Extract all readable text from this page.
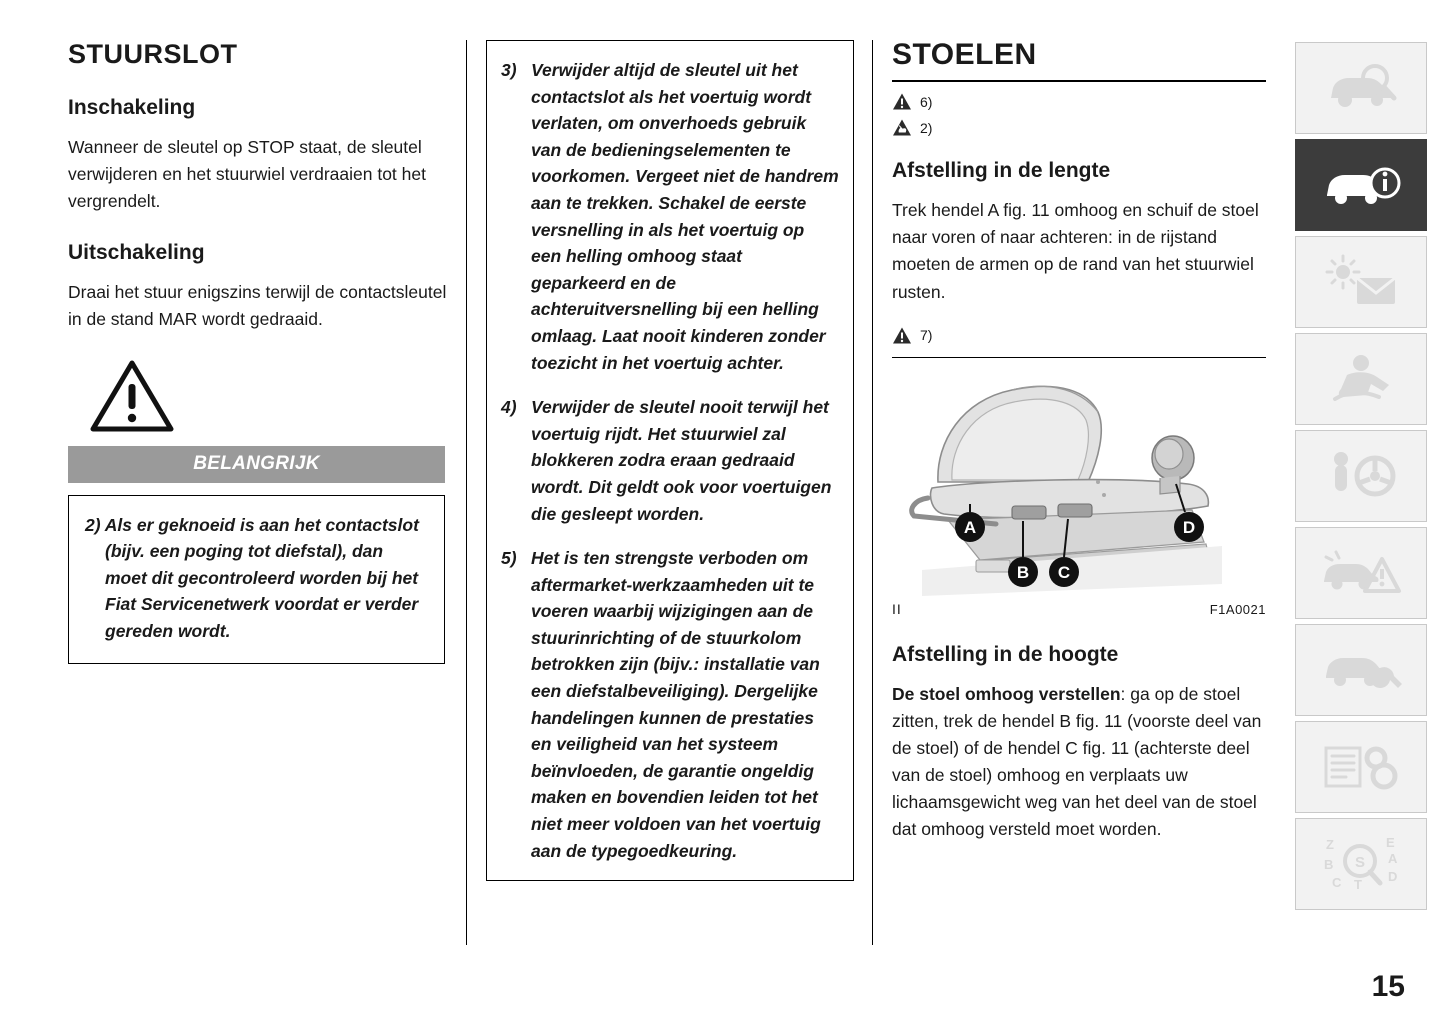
STUURSLOT
Inschakeling

Wanneer de sleutel op STOP staat, de sleutel verwijderen en het stuurwiel verdraaien tot het vergrendelt.

Uitschakeling

Draai het stuur enigszins terwijl de contactsleutel in de stand MAR wordt gedraaid.

BELANGRIJK

2) Als er geknoeid is aan het contactslot (bijv. een poging tot diefstal), dan moet dit gecontroleerd worden bij het Fiat Servicenetwerk voordat er verder gereden wordt.

3) Verwijder altijd de sleutel uit het contactslot als het voertuig wordt verlaten, om onverhoeds gebruik van de bedieningselementen te voorkomen. Vergeet niet de handrem aan te trekken. Schakel de eerste versnelling in als het voertuig op een helling omhoog staat geparkeerd en de achteruitversnelling bij een helling omlaag. Laat nooit kinderen zonder toezicht in het voertuig achter.
4) Verwijder de sleutel nooit terwijl het voertuig rijdt. Het stuurwiel zal blokkeren zodra eraan gedraaid wordt. Dit geldt ook voor voertuigen die gesleept worden.
5) Het is ten strengste verboden om aftermarket-werkzaamheden uit te voeren waarbij wijzigingen aan de stuurinrichting of de stuurkolom betrokken zijn (bijv.: installatie van een diefstalbeveiliging). Dergelijke handelingen kunnen de prestaties en veiligheid van het systeem beïnvloeden, de garantie ongeldig maken en bovendien leiden tot het niet meer voldoen van het voertuig aan de typegoedkeuring.
STOELEN
6)
2)
Afstelling in de lengte

Trek hendel A fig. 11 omhoog en schuif de stoel naar voren of naar achteren: in de rijstand moeten de armen op de rand van het stuurwiel rusten.

7)
A
B C
D
II	F1A0021
Afstelling in de hoogte

De stoel omhoog verstellen: ga op de stoel zitten, trek de hendel B fig. 11 (voorste deel van de stoel) of de hendel C fig. 11 (achterste deel van de stoel) omhoog en verplaats uw lichaamsgewicht weg van het deel van de stoel dat omhoog versteld moet worden.

Z	E
A
B
C	D
T
S
15
